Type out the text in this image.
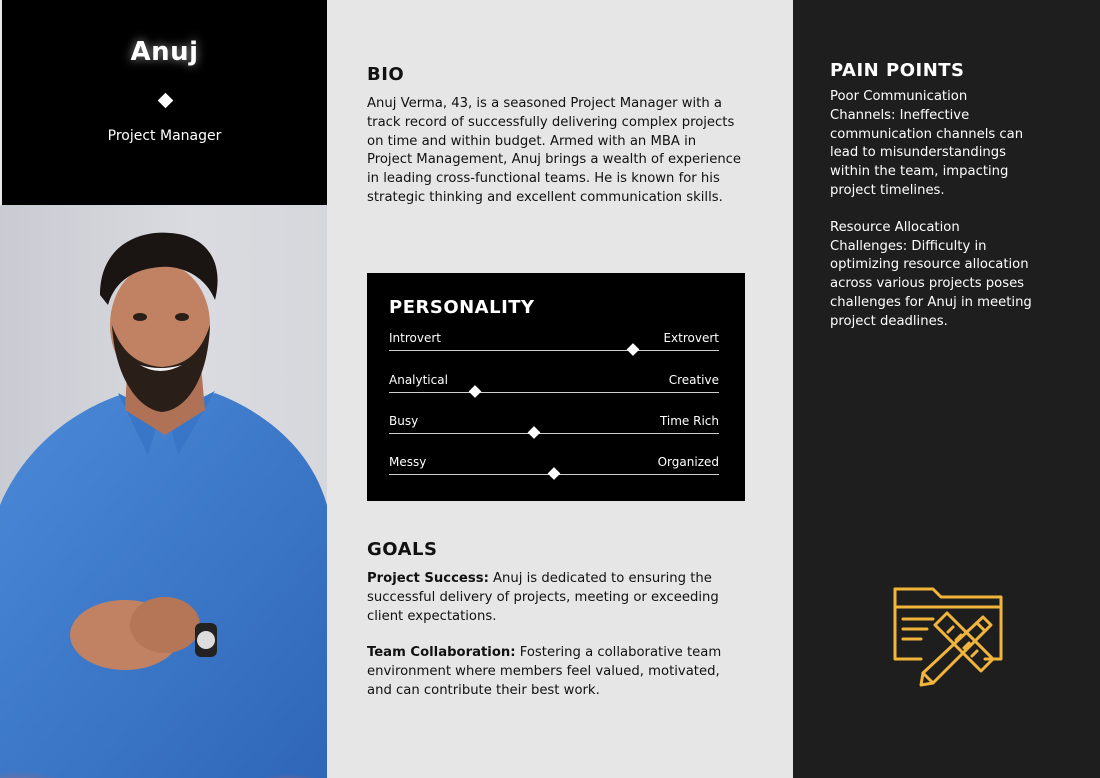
Anuj
Project Manager
BIO
Anuj Verma, 43, is a seasoned Project Manager with a track record of successfully delivering complex projects on time and within budget. Armed with an MBA in Project Management, Anuj brings a wealth of experience in leading cross-functional teams. He is known for his strategic thinking and excellent communication skills.
PERSONALITY
Introvert	Extrovert
Analytical	Creative
Busy	Time Rich
Messy	Organized
GOALS

Project Success: Anuj is dedicated to ensuring the successful delivery of projects, meeting or exceeding client expectations.

Team Collaboration: Fostering a collaborative team environment where members feel valued, motivated, and can contribute their best work.

PAIN POINTS

Poor Communication Channels: Ineffective communication channels can lead to misunderstandings within the team, impacting project timelines.

Resource Allocation Challenges: Difficulty in optimizing resource allocation across various projects poses challenges for Anuj in meeting project deadlines.
